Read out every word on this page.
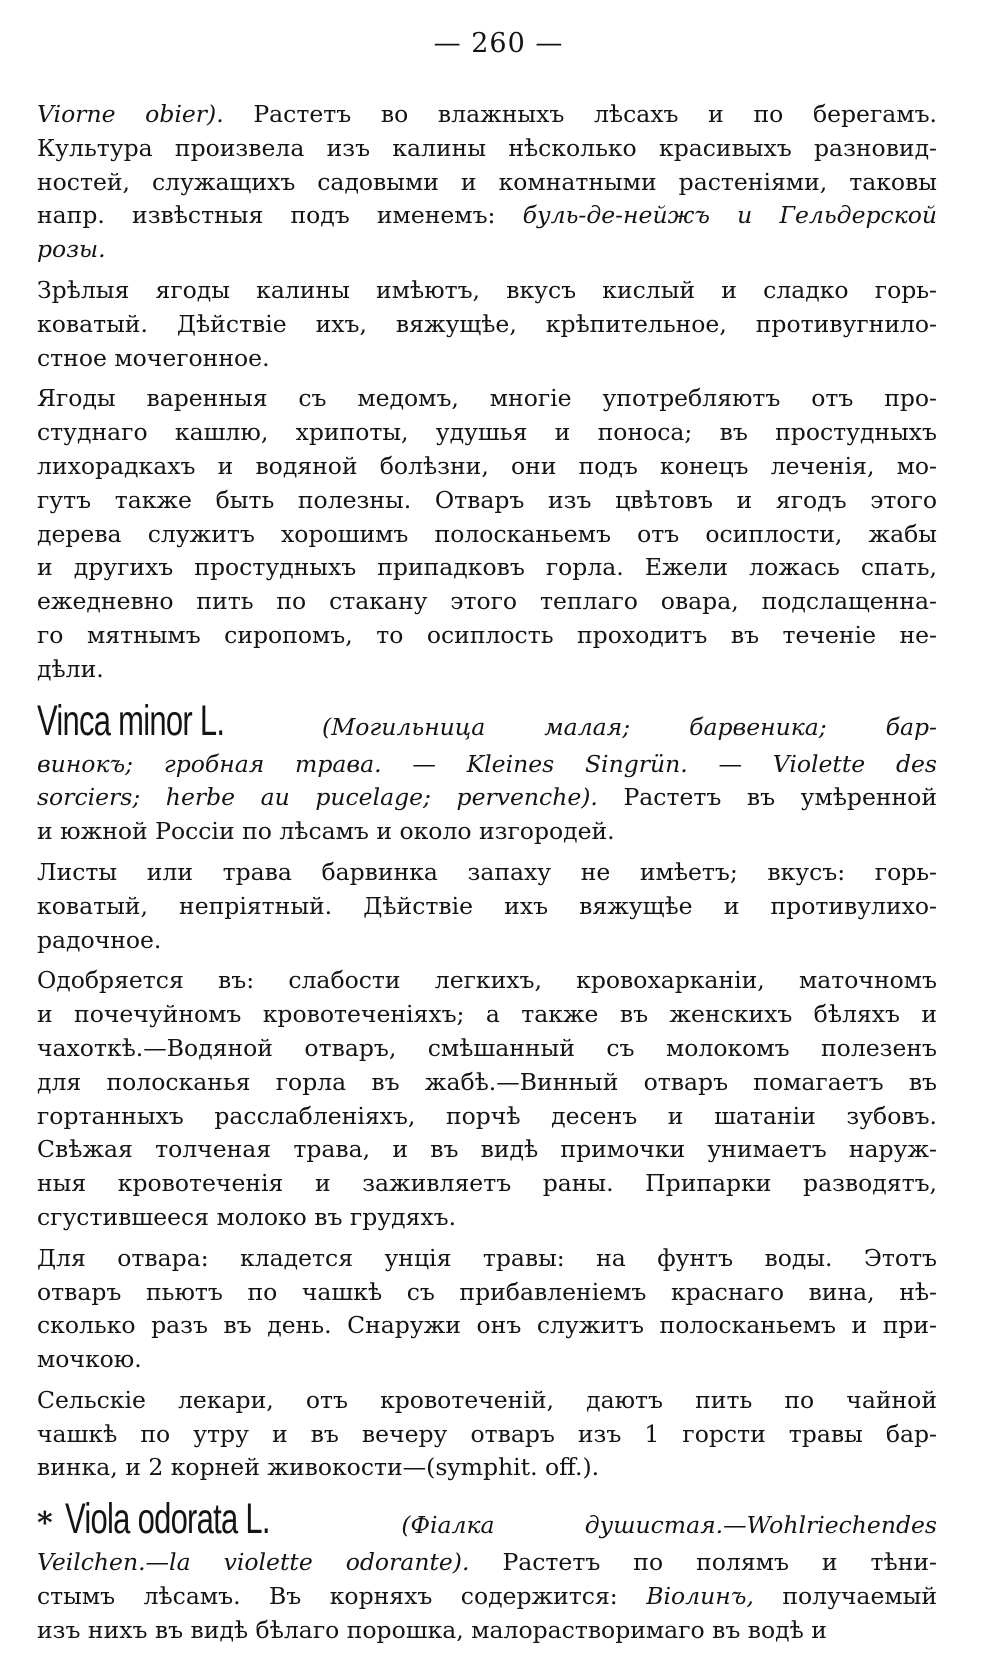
— 260 —
Viorne obier). Растетъ во влажныхъ лѣсахъ и по берегамъ.
Культура произвела изъ калины нѣсколько красивыхъ разновид-
ностей, служащихъ садовыми и комнатными растеніями, таковы
напр. извѣстныя подъ именемъ: буль-де-нейжъ и Гельдерской
розы.
Зрѣлыя ягоды калины имѣютъ, вкусъ кислый и сладко горь-
коватый. Дѣйствіе ихъ, вяжущѣе, крѣпительное, противугнило-
стное мочегонное.
Ягоды варенныя съ медомъ, многіе употребляютъ отъ про-
студнаго кашлю, хрипоты, удушья и поноса; въ простудныхъ
лихорадкахъ и водяной болѣзни, они подъ конецъ леченія, мо-
гутъ также быть полезны. Отваръ изъ цвѣтовъ и ягодъ этого
дерева служитъ хорошимъ полосканьемъ отъ осиплости, жабы
и другихъ простудныхъ припадковъ горла. Ежели ложась спать,
ежедневно пить по стакану этого теплаго овара, подслащенна-
го мятнымъ сиропомъ, то осиплость проходитъ въ теченіе не-
дѣли.
Vinca minor L.	(Могильница малая; барвеника; бар-
винокъ; гробная трава. — Kleines Singrün. — Violette des
sorciers; herbe au pucelage; pervenche). Растетъ въ умѣренной
и южной Россіи по лѣсамъ и около изгородей.
Листы или трава барвинка запаху не имѣетъ; вкусъ: горь-
коватый, непріятный. Дѣйствіе ихъ вяжущѣе и противулихо-
радочное.
Одобряется въ: слабости легкихъ, кровохарканіи, маточномъ
и почечуйномъ кровотеченіяхъ; а также въ женскихъ бѣляхъ и
чахоткѣ.—Водяной отваръ, смѣшанный съ молокомъ полезенъ
для полосканья горла въ жабѣ.—Винный отваръ помагаетъ въ
гортанныхъ расслабленіяхъ, порчѣ десенъ и шатаніи зубовъ.
Свѣжая толченая трава, и въ видѣ примочки унимаетъ наруж-
ныя кровотеченія и заживляетъ раны. Припарки разводятъ,
сгустившееся молоко въ грудяхъ.
Для отвара: кладется унція травы: на фунтъ воды. Этотъ
отваръ пьютъ по чашкѣ съ прибавленіемъ краснаго вина, нѣ-
сколько разъ въ день. Снаружи онъ служитъ полосканьемъ и при-
мочкою.
Сельскіе лекари, отъ кровотеченій, даютъ пить по чайной
чашкѣ по утру и въ вечеру отваръ изъ 1 горсти травы бар-
винка, и 2 корней живокости—(symphit. off.).
* Viola odorata L.	(Фіалка душистая.—Wohlriechendes
Veilchen.—la violette odorante). Растетъ по полямъ и тѣни-
стымъ лѣсамъ. Въ корняхъ содержится: Віолинъ, получаемый
изъ нихъ въ видѣ бѣлаго порошка, малорастворимаго въ водѣ и
